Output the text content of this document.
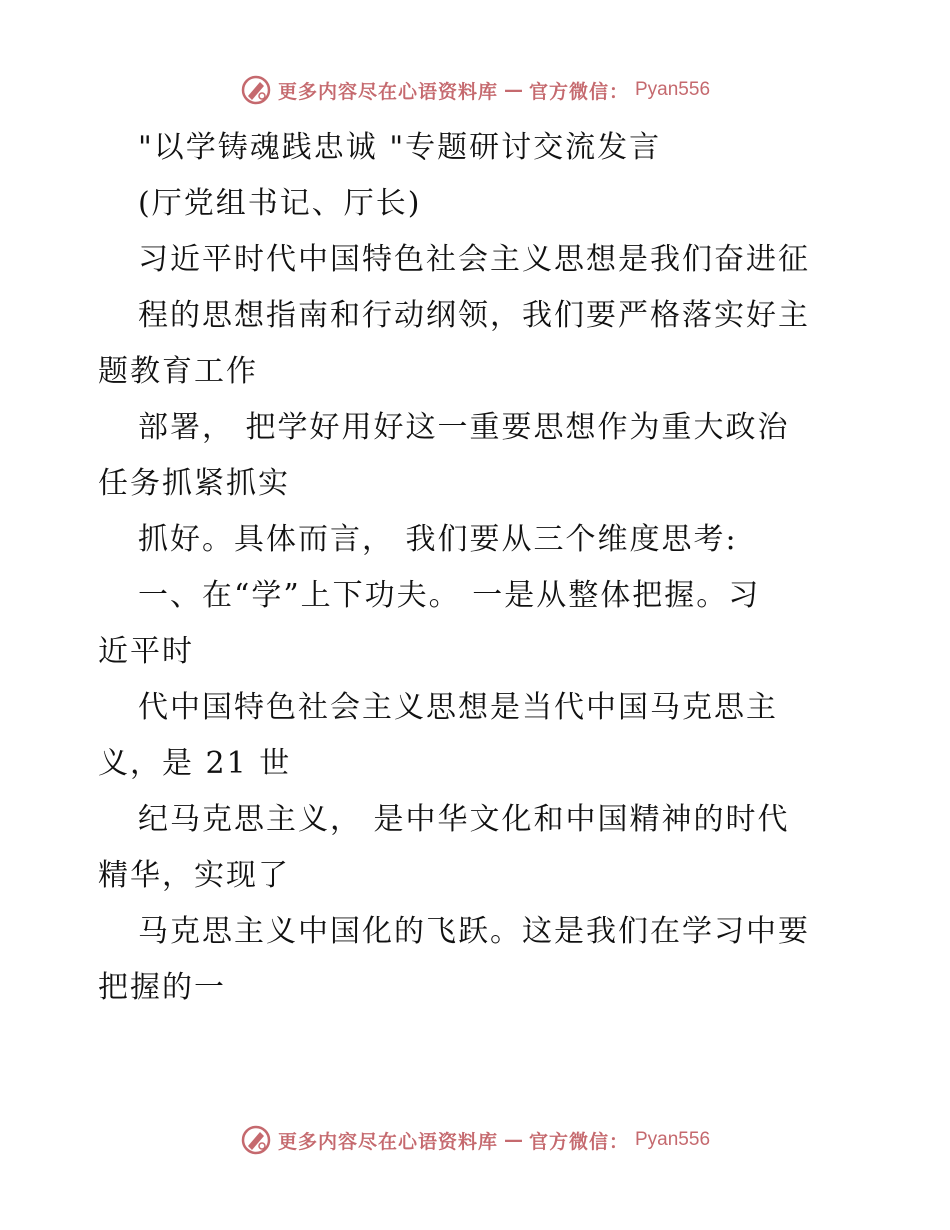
更多内容尽在心语资料库 — 官方微信： Pyan556
"以学铸魂践忠诚 "专题研讨交流发言
(厅党组书记、厅长)
习近平时代中国特色社会主义思想是我们奋进征
程的思想指南和行动纲领，我们要严格落实好主
题教育工作
部署， 把学好用好这一重要思想作为重大政治
任务抓紧抓实
抓好。具体而言， 我们要从三个维度思考:
一、在“学”上下功夫。 一是从整体把握。习
近平时
代中国特色社会主义思想是当代中国马克思主
义，是 21 世
纪马克思主义， 是中华文化和中国精神的时代
精华，实现了
马克思主义中国化的飞跃。这是我们在学习中要
把握的一
更多内容尽在心语资料库 — 官方微信： Pyan556
